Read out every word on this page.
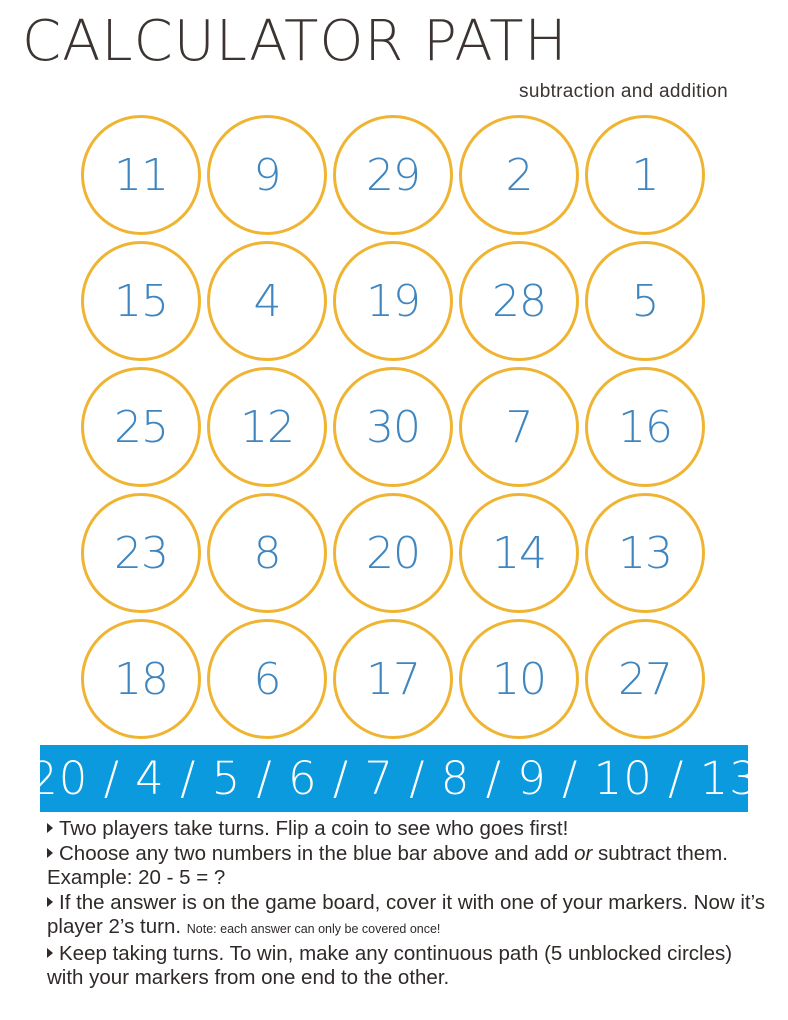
CALCULATOR PATH
subtraction and addition
11 9 29 2 1
15 4 19 28 5
25 12 30 7 16
23 8 20 14 13
18 6 17 10 27
20 / 4 / 5 / 6 / 7 / 8 / 9 / 10 / 13

Two players take turns. Flip a coin to see who goes first!

Choose any two numbers in the blue bar above and add or subtract them. Example: 20 - 5 = ?

If the answer is on the game board, cover it with one of your markers. Now it’s player 2’s turn. Note: each answer can only be covered once!

Keep taking turns. To win, make any continuous path (5 unblocked circles) with your markers from one end to the other.
